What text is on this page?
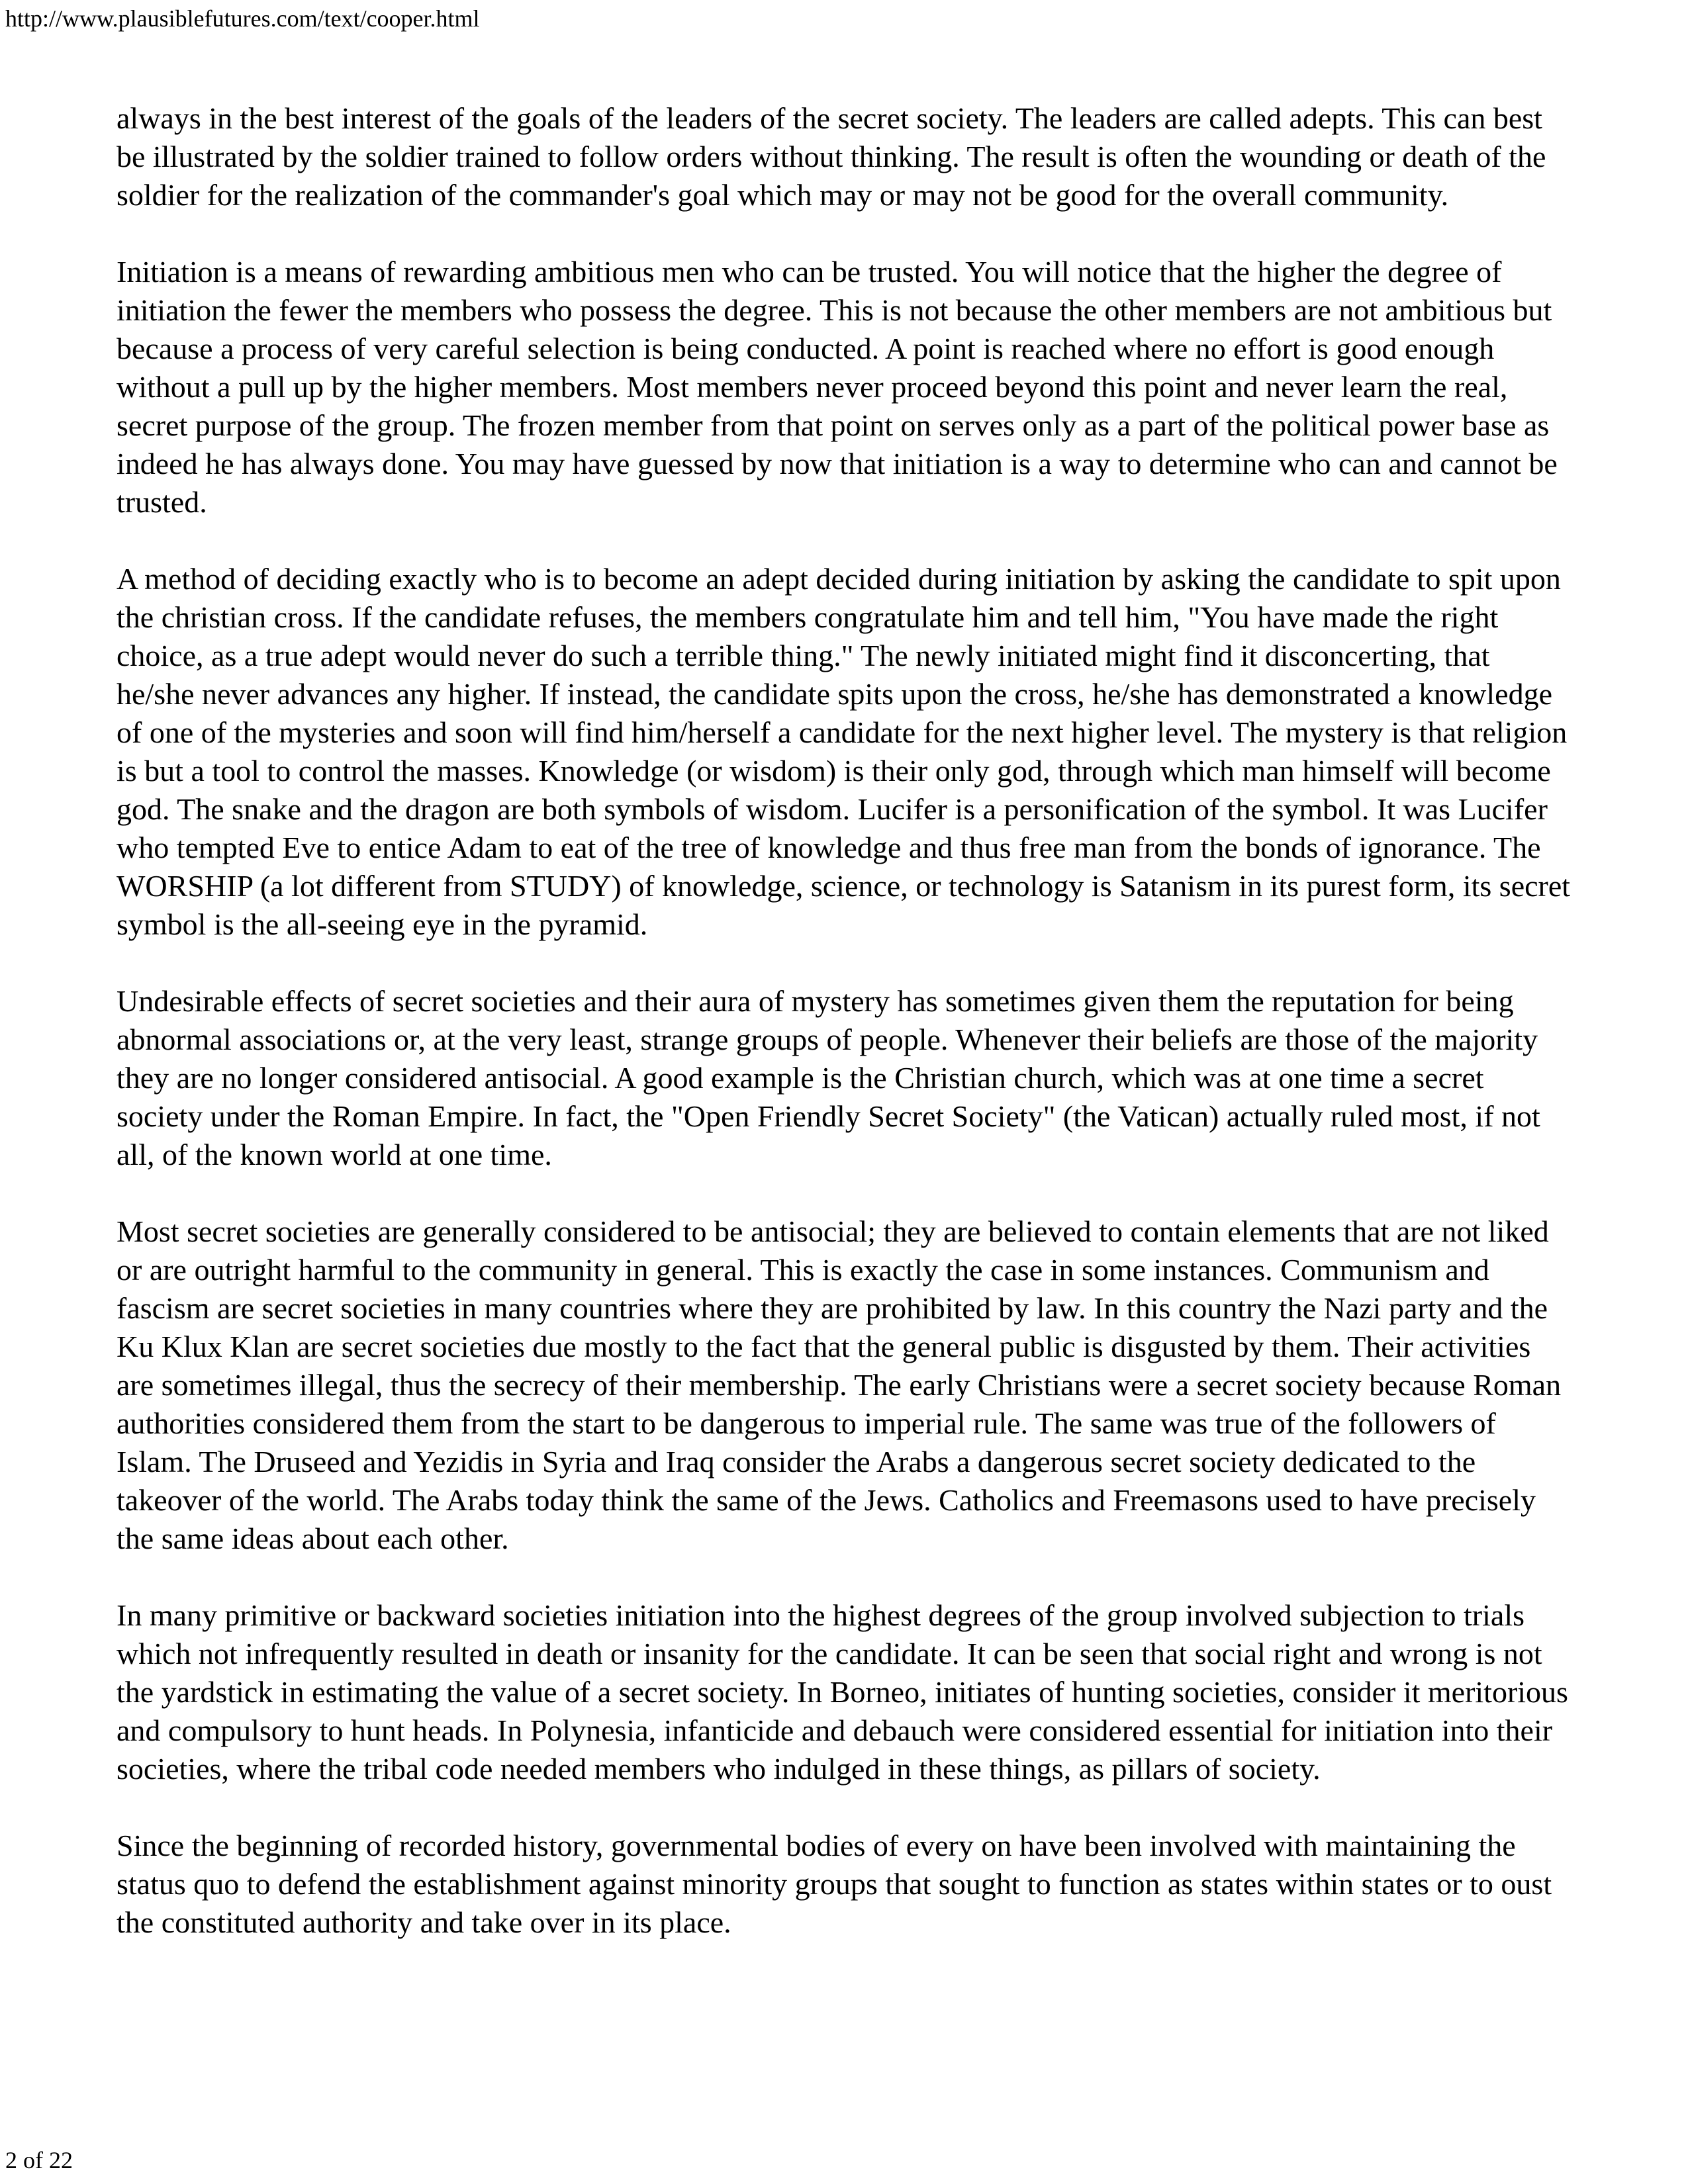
http://www.plausiblefutures.com/text/cooper.html

always in the best interest of the goals of the leaders of the secret society. The leaders are called adepts. This can best be illustrated by the soldier trained to follow orders without thinking. The result is often the wounding or death of the soldier for the realization of the commander's goal which may or may not be good for the overall community.

Initiation is a means of rewarding ambitious men who can be trusted. You will notice that the higher the degree of initiation the fewer the members who possess the degree. This is not because the other members are not ambitious but because a process of very careful selection is being conducted. A point is reached where no effort is good enough without a pull up by the higher members. Most members never proceed beyond this point and never learn the real, secret purpose of the group. The frozen member from that point on serves only as a part of the political power base as indeed he has always done. You may have guessed by now that initiation is a way to determine who can and cannot be trusted.

A method of deciding exactly who is to become an adept decided during initiation by asking the candidate to spit upon the christian cross. If the candidate refuses, the members congratulate him and tell him, "You have made the right choice, as a true adept would never do such a terrible thing." The newly initiated might find it disconcerting, that he/she never advances any higher. If instead, the candidate spits upon the cross, he/she has demonstrated a knowledge of one of the mysteries and soon will find him/herself a candidate for the next higher level. The mystery is that religion is but a tool to control the masses. Knowledge (or wisdom) is their only god, through which man himself will become god. The snake and the dragon are both symbols of wisdom. Lucifer is a personification of the symbol. It was Lucifer who tempted Eve to entice Adam to eat of the tree of knowledge and thus free man from the bonds of ignorance. The WORSHIP (a lot different from STUDY) of knowledge, science, or technology is Satanism in its purest form, its secret symbol is the all-seeing eye in the pyramid.

Undesirable effects of secret societies and their aura of mystery has sometimes given them the reputation for being abnormal associations or, at the very least, strange groups of people. Whenever their beliefs are those of the majority they are no longer considered antisocial. A good example is the Christian church, which was at one time a secret society under the Roman Empire. In fact, the "Open Friendly Secret Society" (the Vatican) actually ruled most, if not all, of the known world at one time.

Most secret societies are generally considered to be antisocial; they are believed to contain elements that are not liked or are outright harmful to the community in general. This is exactly the case in some instances. Communism and fascism are secret societies in many countries where they are prohibited by law. In this country the Nazi party and the Ku Klux Klan are secret societies due mostly to the fact that the general public is disgusted by them. Their activities are sometimes illegal, thus the secrecy of their membership. The early Christians were a secret society because Roman authorities considered them from the start to be dangerous to imperial rule. The same was true of the followers of Islam. The Druseed and Yezidis in Syria and Iraq consider the Arabs a dangerous secret society dedicated to the takeover of the world. The Arabs today think the same of the Jews. Catholics and Freemasons used to have precisely the same ideas about each other.

In many primitive or backward societies initiation into the highest degrees of the group involved subjection to trials which not infrequently resulted in death or insanity for the candidate. It can be seen that social right and wrong is not the yardstick in estimating the value of a secret society. In Borneo, initiates of hunting societies, consider it meritorious and compulsory to hunt heads. In Polynesia, infanticide and debauch were considered essential for initiation into their societies, where the tribal code needed members who indulged in these things, as pillars of society.

Since the beginning of recorded history, governmental bodies of every on have been involved with maintaining the status quo to defend the establishment against minority groups that sought to function as states within states or to oust the constituted authority and take over in its place.

2 of 22
